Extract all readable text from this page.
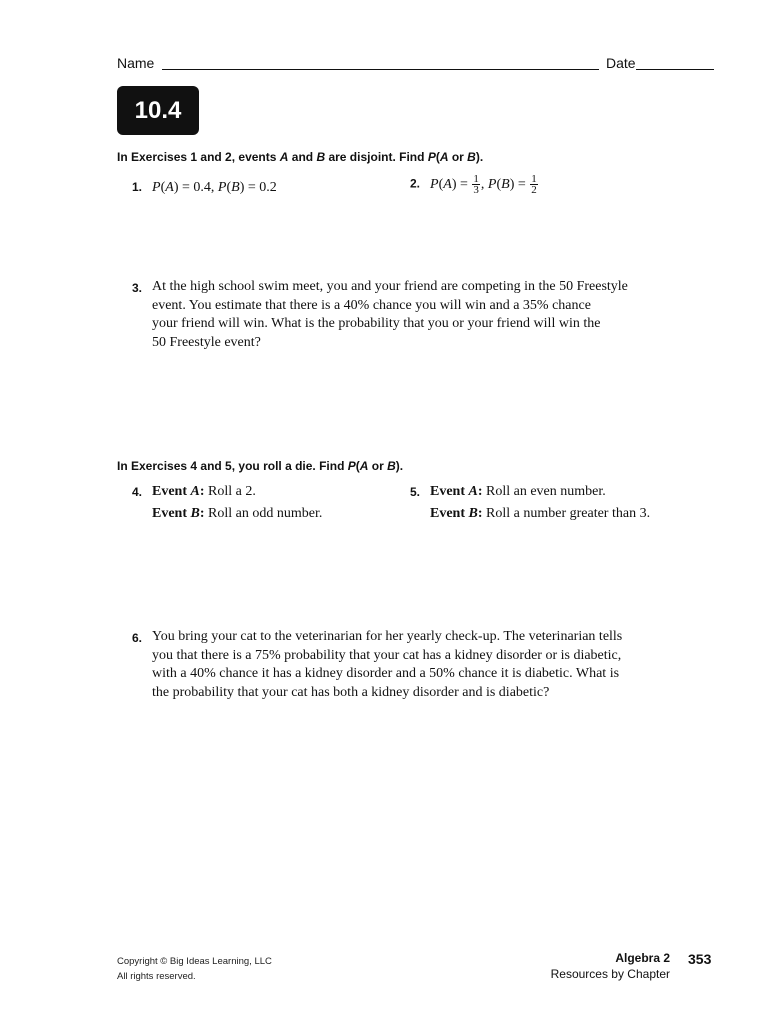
Name	Date
10.4
In Exercises 1 and 2, events A and B are disjoint. Find P(A or B).
1. P(A) = 0.4, P(B) = 0.2	2. $P(A) = \frac{1}{3}$ , $P(B) = \frac{1}{2}$
3. At the high school swim meet, you and your friend are competing in the 50 Freestyle
event. You estimate that there is a 40% chance you will win and a 35% chance
your friend will win. What is the probability that you or your friend will win the
50 Freestyle event?
In Exercises 4 and 5, you roll a die. Find P(A or B).
4. Event A: Roll a 2.
Event B: Roll an odd number.
5. Event A: Roll an even number.
Event B: Roll a number greater than 3.
6. You bring your cat to the veterinarian for her yearly check-up. The veterinarian tells
you that there is a 75% probability that your cat has a kidney disorder or is diabetic,
with a 40% chance it has a kidney disorder and a 50% chance it is diabetic. What is
the probability that your cat has both a kidney disorder and is diabetic?
Copyright © Big Ideas Learning, LLC
All rights reserved.
Algebra 2
Resources by Chapter
353
